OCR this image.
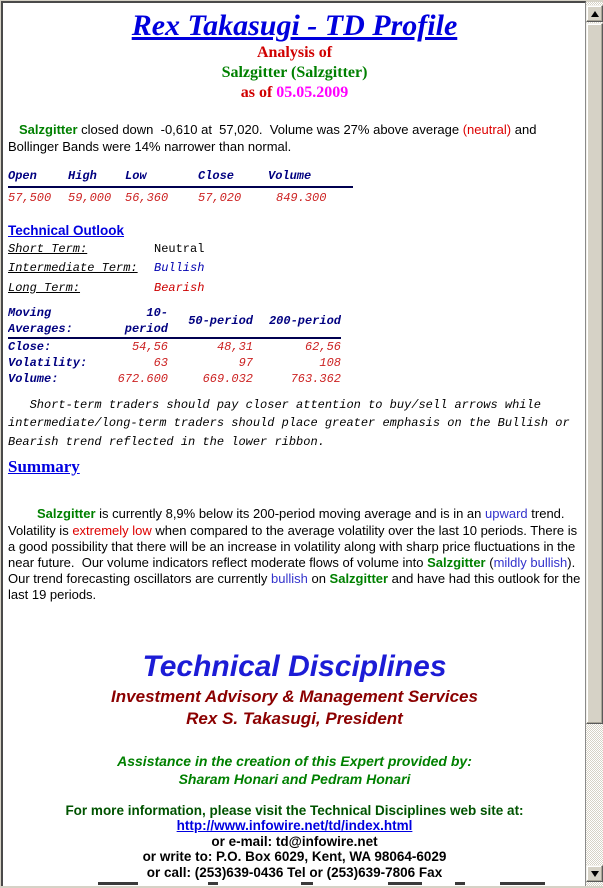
Rex Takasugi - TD Profile
Analysis of
Salzgitter (Salzgitter)
as of 05.05.2009

Salzgitter closed down  -0,610 at  57,020.  Volume was 27% above average (neutral) and Bollinger Bands were 14% narrower than normal.

Open	High	Low	Close	Volume
57,500	59,000	56,360	57,020	849.300
Technical Outlook
Short Term:	Neutral
Intermediate Term:	Bullish
Long Term:	Bearish
Moving Averages:	10-period	50-period	200-period
Close:	54,56	48,31	62,56
Volatility:	63	97	108
Volume:	672.600	669.032	763.362

Short-term traders should pay closer attention to buy/sell arrows while intermediate/long-term traders should place greater emphasis on the Bullish or Bearish trend reflected in the lower ribbon.

Summary

Salzgitter is currently 8,9% below its 200-period moving average and is in an upward trend. Volatility is extremely low when compared to the average volatility over the last 10 periods. There is a good possibility that there will be an increase in volatility along with sharp price fluctuations in the near future.  Our volume indicators reflect moderate flows of volume into Salzgitter (mildly bullish).  Our trend forecasting oscillators are currently bullish on Salzgitter and have had this outlook for the last 19 periods.

Technical Disciplines
Investment Advisory & Management Services
Rex S. Takasugi, President
Assistance in the creation of this Expert provided by:
Sharam Honari and Pedram Honari
For more information, please visit the Technical Disciplines web site at:
http://www.infowire.net/td/index.html
or e-mail: td@infowire.net
or write to: P.O. Box 6029, Kent, WA 98064-6029
or call: (253)639-0436 Tel or (253)639-7806 Fax
